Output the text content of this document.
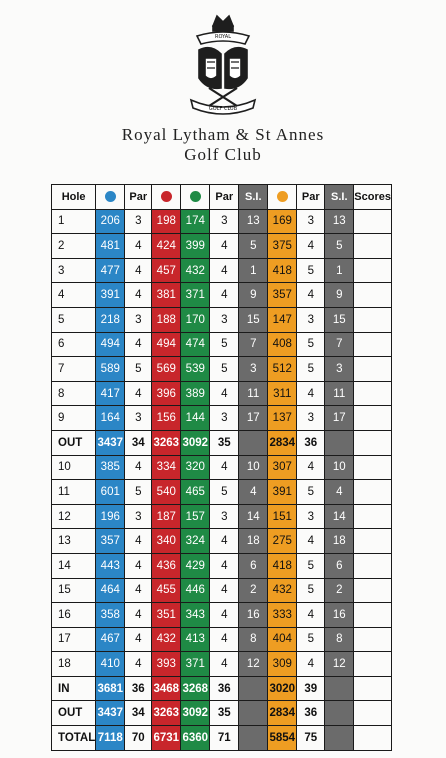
ROYAL
GOLF CLUB
Royal Lytham & St Annes
Golf Club
Hole		Par			Par	S.I.		Par	S.I.	Scores
1	206	3	198	174	3	13	169	3	13	
2	481	4	424	399	4	5	375	4	5	
3	477	4	457	432	4	1	418	5	1	
4	391	4	381	371	4	9	357	4	9	
5	218	3	188	170	3	15	147	3	15	
6	494	4	494	474	5	7	408	5	7	
7	589	5	569	539	5	3	512	5	3	
8	417	4	396	389	4	11	311	4	11	
9	164	3	156	144	3	17	137	3	17	
OUT	3437	34	3263	3092	35		2834	36		
10	385	4	334	320	4	10	307	4	10	
11	601	5	540	465	5	4	391	5	4	
12	196	3	187	157	3	14	151	3	14	
13	357	4	340	324	4	18	275	4	18	
14	443	4	436	429	4	6	418	5	6	
15	464	4	455	446	4	2	432	5	2	
16	358	4	351	343	4	16	333	4	16	
17	467	4	432	413	4	8	404	5	8	
18	410	4	393	371	4	12	309	4	12	
IN	3681	36	3468	3268	36		3020	39		
OUT	3437	34	3263	3092	35		2834	36		
TOTAL	7118	70	6731	6360	71		5854	75		
